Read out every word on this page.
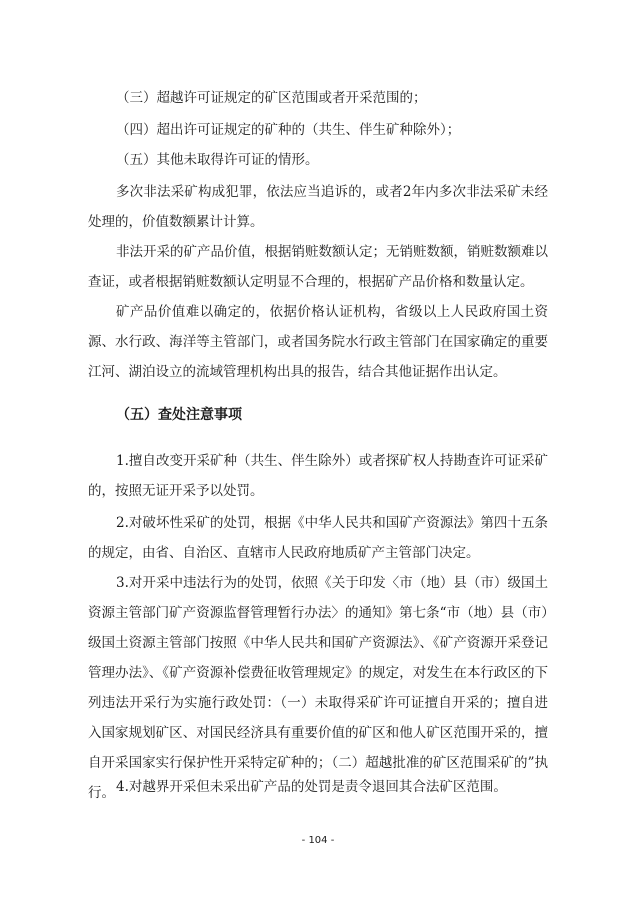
（三）超越许可证规定的矿区范围或者开采范围的；
（四）超出许可证规定的矿种的（共生、伴生矿种除外）；
（五）其他未取得许可证的情形。
多次非法采矿构成犯罪，依法应当追诉的，或者2年内多次非法采矿未经处理的，价值数额累计计算。
非法开采的矿产品价值，根据销赃数额认定；无销赃数额，销赃数额难以查证，或者根据销赃数额认定明显不合理的，根据矿产品价格和数量认定。
矿产品价值难以确定的，依据价格认证机构，省级以上人民政府国土资源、水行政、海洋等主管部门，或者国务院水行政主管部门在国家确定的重要江河、湖泊设立的流域管理机构出具的报告，结合其他证据作出认定。
（五）查处注意事项
1.擅自改变开采矿种（共生、伴生除外）或者探矿权人持勘查许可证采矿的，按照无证开采予以处罚。
2.对破坏性采矿的处罚，根据《中华人民共和国矿产资源法》第四十五条的规定，由省、自治区、直辖市人民政府地质矿产主管部门决定。
3.对开采中违法行为的处罚，依照《关于印发〈市（地）县（市）级国土资源主管部门矿产资源监督管理暂行办法〉的通知》第七条“市（地）县（市）级国土资源主管部门按照《中华人民共和国矿产资源法》、《矿产资源开采登记管理办法》、《矿产资源补偿费征收管理规定》的规定，对发生在本行政区的下列违法开采行为实施行政处罚：（一）未取得采矿许可证擅自开采的；擅自进入国家规划矿区、对国民经济具有重要价值的矿区和他人矿区范围开采的，擅自开采国家实行保护性开采特定矿种的；（二）超越批准的矿区范围采矿的”执行。 4.对越界开采但未采出矿产品的处罚是责令退回其合法矿区范围。
- 104 -
